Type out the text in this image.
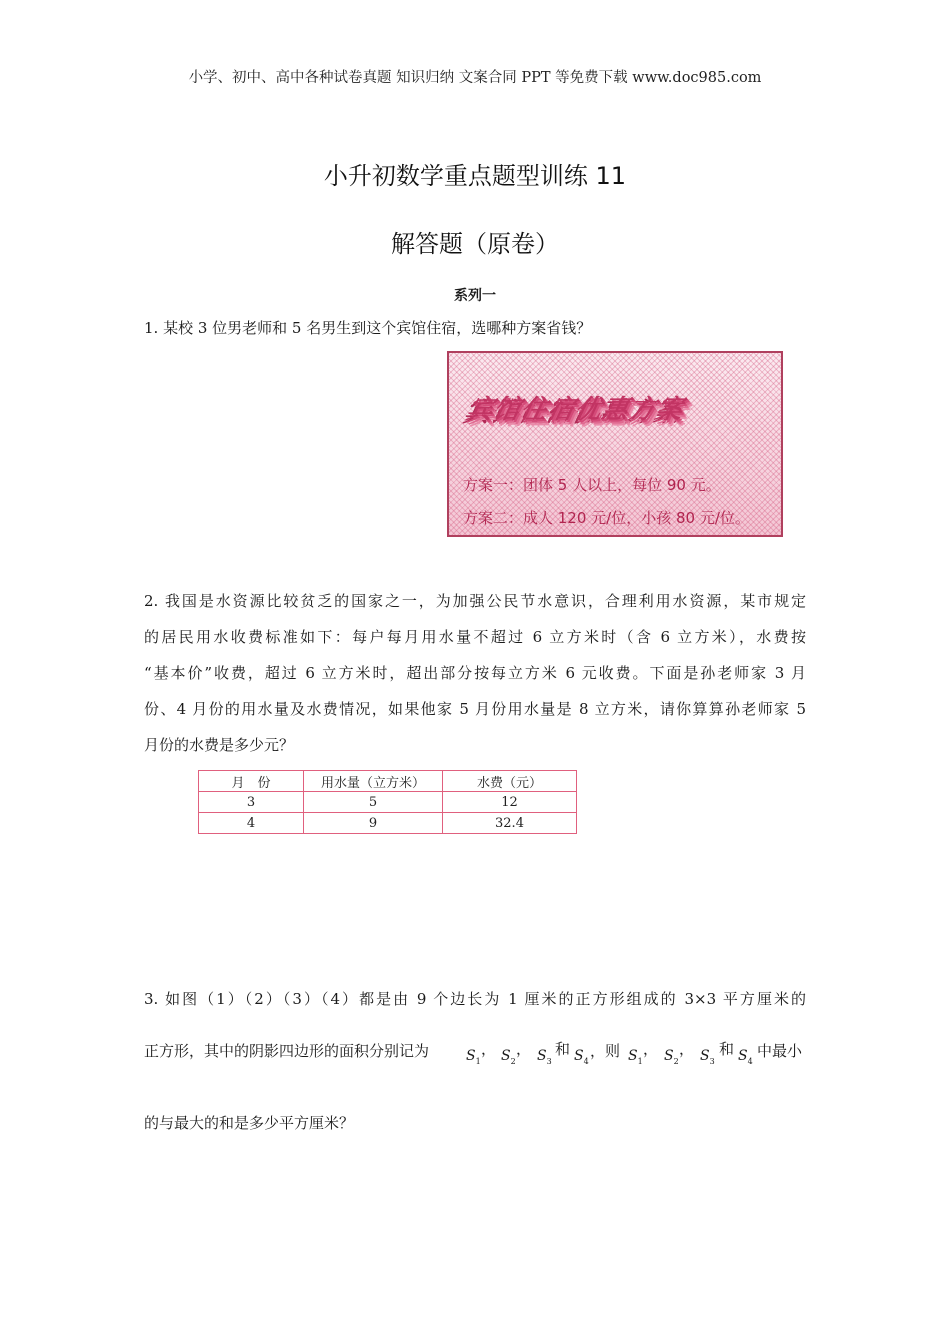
小学、初中、高中各种试卷真题 知识归纳 文案合同 PPT 等免费下载 www.doc985.com
小升初数学重点题型训练 11
解答题（原卷）
系列一
1. 某校 3 位男老师和 5 名男生到这个宾馆住宿，选哪种方案省钱？
宾馆住宿优惠方案
方案一：团体 5 人以上，每位 90 元。
方案二：成人 120 元/位，小孩 80 元/位。
2. 我国是水资源比较贫乏的国家之一，为加强公民节水意识，合理利用水资源，某市规定
的居民用水收费标准如下：每户每月用水量不超过 6 立方米时（含 6 立方米），水费按
“基本价”收费，超过 6 立方米时，超出部分按每立方米 6 元收费。下面是孙老师家 3 月
份、4 月份的用水量及水费情况，如果他家 5 月份用水量是 8 立方米，请你算算孙老师家 5
月份的水费是多少元？
月　份	用水量（立方米）	水费（元）
3	5	12
4	9	32.4
3. 如图（1）（2）（3）（4）都是由 9 个边长为 1 厘米的正方形组成的 3×3 平方厘米的
正方形，其中的阴影四边形的面积分别记为	$S_1$
， $S_2$
， $S_3$
和 $S_4$
，则 $S_1$
， $S_2$
， $S_3$
和 $S_4$
中最小
的与最大的和是多少平方厘米？
